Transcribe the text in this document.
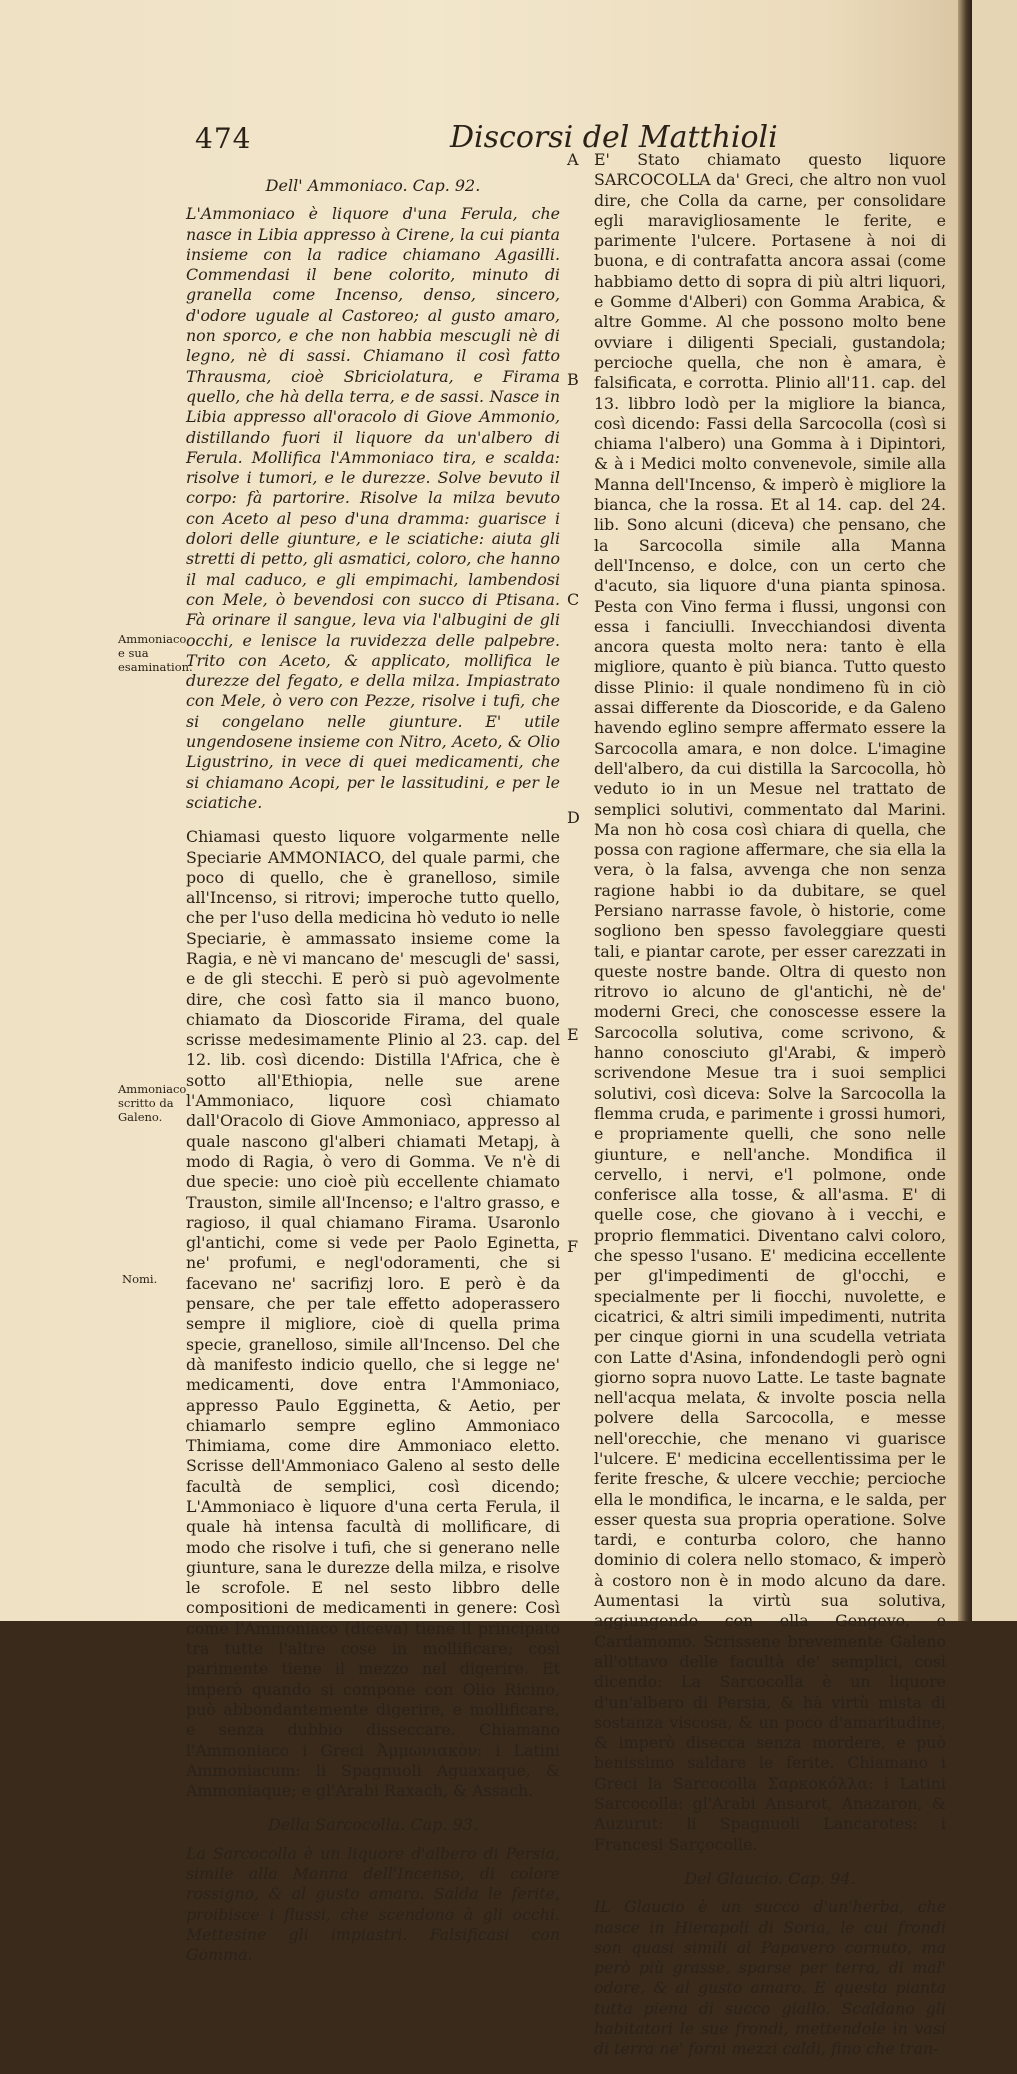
474	Discorsi del Matthioli
A
B
C
D
E
F
Ammoniaco e sua esamination.
Ammoniaco scritto da Galeno.
Nomi.
Dell' Ammoniaco. Cap. 92.

L'Ammoniaco è liquore d'una Ferula, che nasce in Libia appresso à Cirene, la cui pianta insieme con la radice chiamano Agasilli. Commendasi il bene colorito, minuto di granella come Incenso, denso, sincero, d'odore uguale al Castoreo; al gusto amaro, non sporco, e che non habbia mescugli nè di legno, nè di sassi. Chiamano il così fatto Thrausma, cioè Sbriciolatura, e Firama quello, che hà della terra, e de sassi. Nasce in Libia appresso all'oracolo di Giove Ammonio, distillando fuori il liquore da un'albero di Ferula. Mollifica l'Ammoniaco tira, e scalda: risolve i tumori, e le durezze. Solve bevuto il corpo: fà partorire. Risolve la milza bevuto con Aceto al peso d'una dramma: guarisce i dolori delle giunture, e le sciatiche: aiuta gli stretti di petto, gli asmatici, coloro, che hanno il mal caduco, e gli empimachi, lambendosi con Mele, ò bevendosi con succo di Ptisana. Fà orinare il sangue, leva via l'albugini de gli occhi, e lenisce la ruvidezza delle palpebre. Trito con Aceto, & applicato, mollifica le durezze del fegato, e della milza. Impiastrato con Mele, ò vero con Pezze, risolve i tufi, che si congelano nelle giunture. E' utile ungendosene insieme con Nitro, Aceto, & Olio Ligustrino, in vece di quei medicamenti, che si chiamano Acopi, per le lassitudini, e per le sciatiche.

Chiamasi questo liquore volgarmente nelle Speciarie AMMONIACO, del quale parmi, che poco di quello, che è granelloso, simile all'Incenso, si ritrovi; imperoche tutto quello, che per l'uso della medicina hò veduto io nelle Speciarie, è ammassato insieme come la Ragia, e nè vi mancano de' mescugli de' sassi, e de gli stecchi. E però si può agevolmente dire, che così fatto sia il manco buono, chiamato da Dioscoride Firama, del quale scrisse medesimamente Plinio al 23. cap. del 12. lib. così dicendo: Distilla l'Africa, che è sotto all'Ethiopia, nelle sue arene l'Ammoniaco, liquore così chiamato dall'Oracolo di Giove Ammoniaco, appresso al quale nascono gl'alberi chiamati Metapj, à modo di Ragia, ò vero di Gomma. Ve n'è di due specie: uno cioè più eccellente chiamato Trauston, simile all'Incenso; e l'altro grasso, e ragioso, il qual chiamano Firama. Usaronlo gl'antichi, come si vede per Paolo Eginetta, ne' profumi, e negl'odoramenti, che si facevano ne' sacrifizj loro. E però è da pensare, che per tale effetto adoperassero sempre il migliore, cioè di quella prima specie, granelloso, simile all'Incenso. Del che dà manifesto indicio quello, che si legge ne' medicamenti, dove entra l'Ammoniaco, appresso Paulo Egginetta, & Aetio, per chiamarlo sempre eglino Ammoniaco Thimiama, come dire Ammoniaco eletto. Scrisse dell'Ammoniaco Galeno al sesto delle facultà de semplici, così dicendo; L'Ammoniaco è liquore d'una certa Ferula, il quale hà intensa facultà di mollificare, di modo che risolve i tufi, che si generano nelle giunture, sana le durezze della milza, e risolve le scrofole. E nel sesto libbro delle compositioni de medicamenti in genere: Così come l'Ammoniaco (diceva) tiene il principato tra tutte l'altre cose in mollificare; così parimente tiene il mezzo nel digerire. Et imperò quando si compone con Olio Ricino, può abbondantemente digerire, e mollificare, e senza dubbio disseccare. Chiamano l'Ammoniaco i Greci Ἀμμωνιακὸν: i Latini Ammoniacum: li Spagnuoli Aguaxaque, & Ammoniaque; e gl'Arabi Raxach, & Assach.

Della Sarcocolla. Cap. 93.

La Sarcocolla è un liquore d'albero di Persia, simile alla Manna dell'Incenso, di colore rossigno, & al gusto amaro. Salda le ferite, proibisce i flussi, che scendono à gli occhi. Mettesine gli impiastri. Falsificasi con Gomma.

E' Stato chiamato questo liquore SARCOCOLLA da' Greci, che altro non vuol dire, che Colla da carne, per consolidare egli maravigliosamente le ferite, e parimente l'ulcere. Portasene à noi di buona, e di contrafatta ancora assai (come habbiamo detto di sopra di più altri liquori, e Gomme d'Alberi) con Gomma Arabica, & altre Gomme. Al che possono molto bene ovviare i diligenti Speciali, gustandola; percioche quella, che non è amara, è falsificata, e corrotta. Plinio all'11. cap. del 13. libbro lodò per la migliore la bianca, così dicendo: Fassi della Sarcocolla (così si chiama l'albero) una Gomma à i Dipintori, & à i Medici molto convenevole, simile alla Manna dell'Incenso, & imperò è migliore la bianca, che la rossa. Et al 14. cap. del 24. lib. Sono alcuni (diceva) che pensano, che la Sarcocolla simile alla Manna dell'Incenso, e dolce, con un certo che d'acuto, sia liquore d'una pianta spinosa. Pesta con Vino ferma i flussi, ungonsi con essa i fanciulli. Invecchiandosi diventa ancora questa molto nera: tanto è ella migliore, quanto è più bianca. Tutto questo disse Plinio: il quale nondimeno fù in ciò assai differente da Dioscoride, e da Galeno havendo eglino sempre affermato essere la Sarcocolla amara, e non dolce. L'imagine dell'albero, da cui distilla la Sarcocolla, hò veduto io in un Mesue nel trattato de semplici solutivi, commentato dal Marini. Ma non hò cosa così chiara di quella, che possa con ragione affermare, che sia ella la vera, ò la falsa, avvenga che non senza ragione habbi io da dubitare, se quel Persiano narrasse favole, ò historie, come sogliono ben spesso favoleggiare questi tali, e piantar carote, per esser carezzati in queste nostre bande. Oltra di questo non ritrovo io alcuno de gl'antichi, nè de' moderni Greci, che conoscesse essere la Sarcocolla solutiva, come scrivono, & hanno conosciuto gl'Arabi, & imperò scrivendone Mesue tra i suoi semplici solutivi, così diceva: Solve la Sarcocolla la flemma cruda, e parimente i grossi humori, e propriamente quelli, che sono nelle giunture, e nell'anche. Mondifica il cervello, i nervi, e'l polmone, onde conferisce alla tosse, & all'asma. E' di quelle cose, che giovano à i vecchi, e proprio flemmatici. Diventano calvi coloro, che spesso l'usano. E' medicina eccellente per gl'impedimenti de gl'occhi, e specialmente per li fiocchi, nuvolette, e cicatrici, & altri simili impedimenti, nutrita per cinque giorni in una scudella vetriata con Latte d'Asina, infondendogli però ogni giorno sopra nuovo Latte. Le taste bagnate nell'acqua melata, & involte poscia nella polvere della Sarcocolla, e messe nell'orecchie, che menano vi guarisce l'ulcere. E' medicina eccellentissima per le ferite fresche, & ulcere vecchie; percioche ella le mondifica, le incarna, e le salda, per esser questa sua propria operatione. Solve tardi, e conturba coloro, che hanno dominio di colera nello stomaco, & imperò à costoro non è in modo alcuno da dare. Aumentasi la virtù sua solutiva, aggiungendo con ella Gengevo, e Cardamomo. Scrissene brevemente Galeno all'ottavo delle facultà de' semplici, così dicendo: La Sarcocolla è un liquore d'un'albero di Persia, & hà virtù mista di sostanza viscosa, & un poco d'amaritudine, & imperò disecca senza mordere, e può benissimo saldare le ferite. Chiamano i Greci la Sarcocolla Σαρκοκόλλα: i Latini Sarcocolla: gl'Arabi Ansarot, Anazaron, & Auzurut: li Spagnuoli Lancarotes: i Francesi Sarçocolle.

Del Glaucio. Cap. 94.

IL Glaucio è un succo d'un'herba, che nasce in Hierapoli di Soria, le cui frondi son quasi simili al Papavero cornuto, ma però più grasse, sparse per terra, di mal' odore, & al gusto amaro. E questa pianta tutta piena di succo giallo. Scaldano gli habitatori le sue frondi, mettendole in vasi di terra ne' forni mezzi caldi, fino che tran-
